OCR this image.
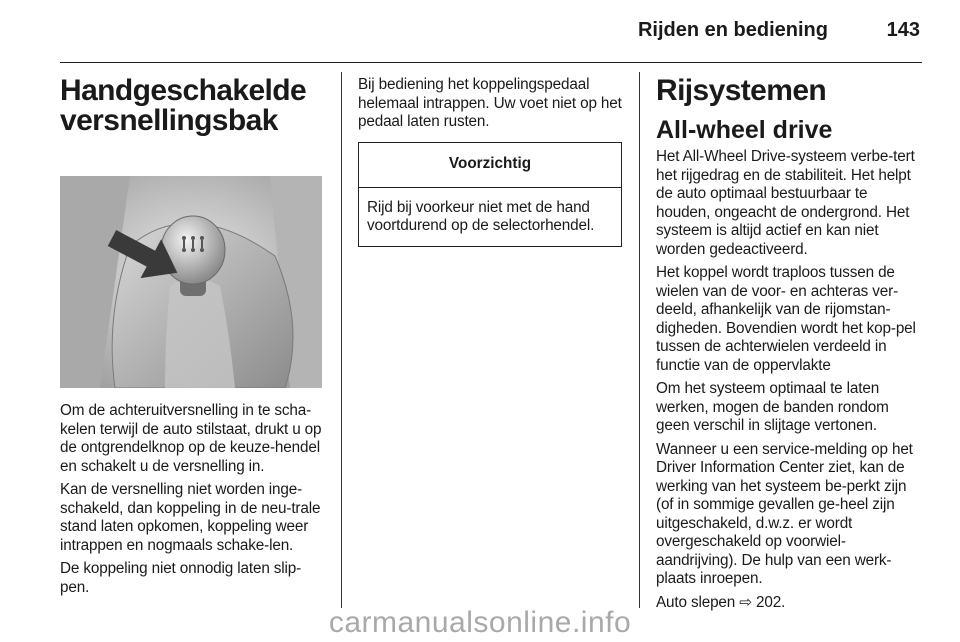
Rijden en bediening	143
Handgeschakelde versnellingsbak

Om de achteruitversnelling in te scha-kelen terwijl de auto stilstaat, drukt u op de ontgrendelknop op de keuze-hendel en schakelt u de versnelling in.

Kan de versnelling niet worden inge-schakeld, dan koppeling in de neu-trale stand laten opkomen, koppeling weer intrappen en nogmaals schake-len.

De koppeling niet onnodig laten slip-pen.

Bij bediening het koppelingspedaal helemaal intrappen. Uw voet niet op het pedaal laten rusten.

Voorzichtig

Rijd bij voorkeur niet met de hand voortdurend op de selectorhendel.

Rijsystemen
All-wheel drive

Het All-Wheel Drive-systeem verbe-tert het rijgedrag en de stabiliteit. Het helpt de auto optimaal bestuurbaar te houden, ongeacht de ondergrond. Het systeem is altijd actief en kan niet worden gedeactiveerd.

Het koppel wordt traploos tussen de wielen van de voor- en achteras ver-deeld, afhankelijk van de rijomstan-digheden. Bovendien wordt het kop-pel tussen de achterwielen verdeeld in functie van de oppervlakte

Om het systeem optimaal te laten werken, mogen de banden rondom geen verschil in slijtage vertonen.

Wanneer u een service-melding op het Driver Information Center ziet, kan de werking van het systeem be-perkt zijn (of in sommige gevallen ge-heel zijn uitgeschakeld, d.w.z. er wordt overgeschakeld op voorwiel-aandrijving). De hulp van een werk-plaats inroepen.

Auto slepen ⇨ 202.

carmanualsonline.info
